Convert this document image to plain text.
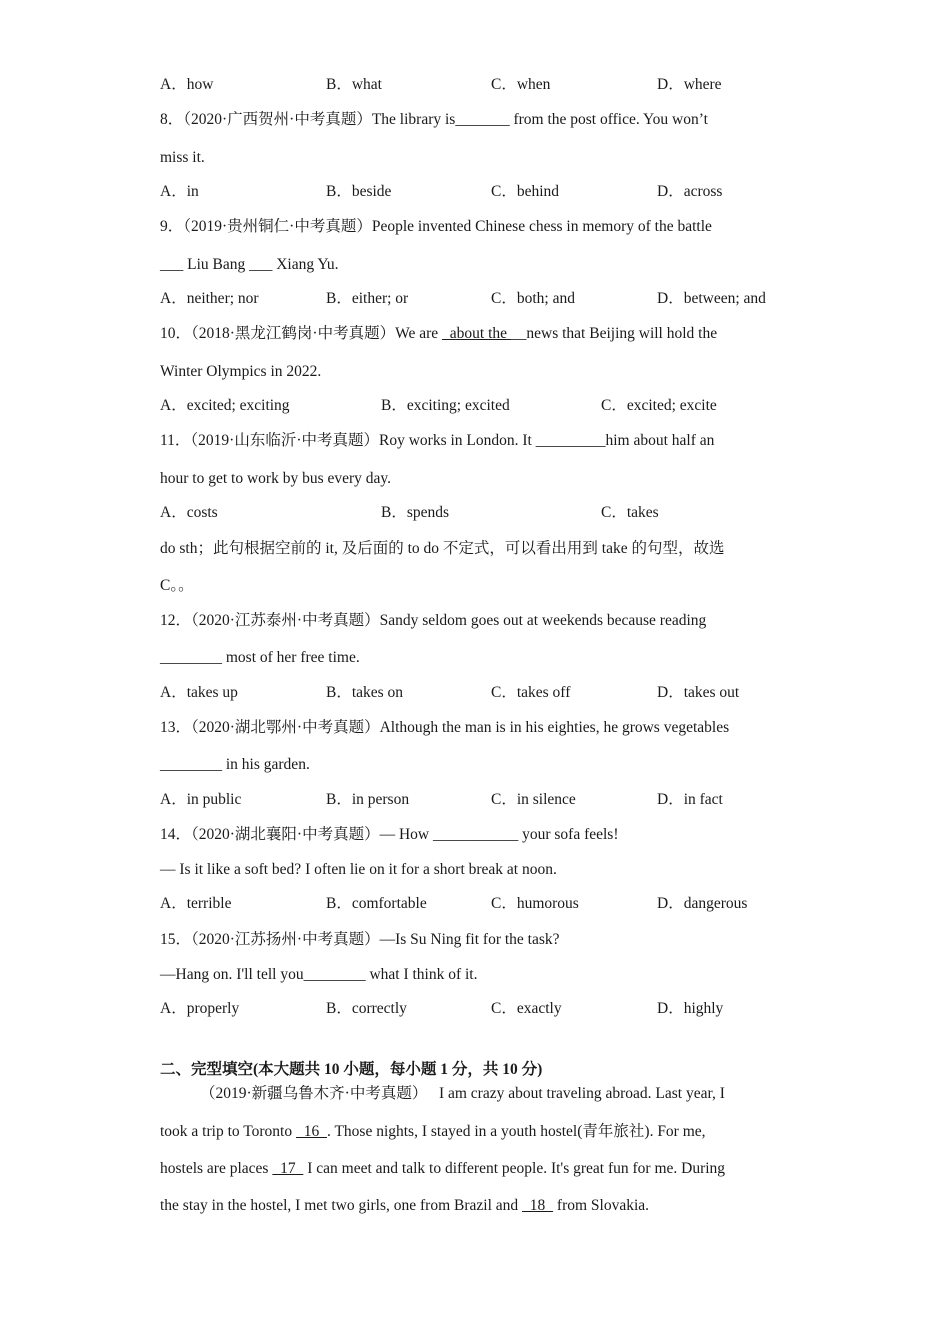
A．how	B．what	C．when	D．where
8．（2020·广西贺州·中考真题）The library is_______ from the post office. You won’t
miss it.
A．in	B．beside	C．behind	D．across
9．（2019·贵州铜仁·中考真题）People invented Chinese chess in memory of the battle
___ Liu Bang ___ Xiang Yu.
A．neither; nor	B．either; or	C．both; and	D．between; and
10．（2018·黑龙江鹤岗·中考真题）We are _about the __news that Beijing will hold the
Winter Olympics in 2022.
A．excited; exciting	B．exciting; excited	C．excited; excite
11．（2019·山东临沂·中考真题）Roy works in London. It _________him about half an
hour to get to work by bus every day.
A．costs	B．spends	C．takes
do sth；此句根据空前的 it, 及后面的 to do 不定式，可以看出用到 take 的句型，故选
C。。
12．（2020·江苏泰州·中考真题）Sandy seldom goes out at weekends because reading
________ most of her free time.
A．takes up	B．takes on	C．takes off	D．takes out
13．（2020·湖北鄂州·中考真题）Although the man is in his eighties, he grows vegetables
________ in his garden.
A．in public	B．in person	C．in silence	D．in fact
14．（2020·湖北襄阳·中考真题）— How ___________ your sofa feels!
— Is it like a soft bed? I often lie on it for a short break at noon.
A．terrible	B．comfortable	C．humorous	D．dangerous
15．（2020·江苏扬州·中考真题）—Is Su Ning fit for the task?
—Hang on. I'll tell you________ what I think of it.
A．properly	B．correctly	C．exactly	D．highly
二、完型填空(本大题共 10 小题，每小题 1 分，共 10 分)
（2019·新疆乌鲁木齐·中考真题）　 I am crazy about traveling abroad. Last year, I
took a trip to Toronto   16  . Those nights, I stayed in a youth hostel(青年旅社). For me,
hostels are places   17   I can meet and talk to different people. It's great fun for me. During
the stay in the hostel, I met two girls, one from Brazil and   18   from Slovakia.
